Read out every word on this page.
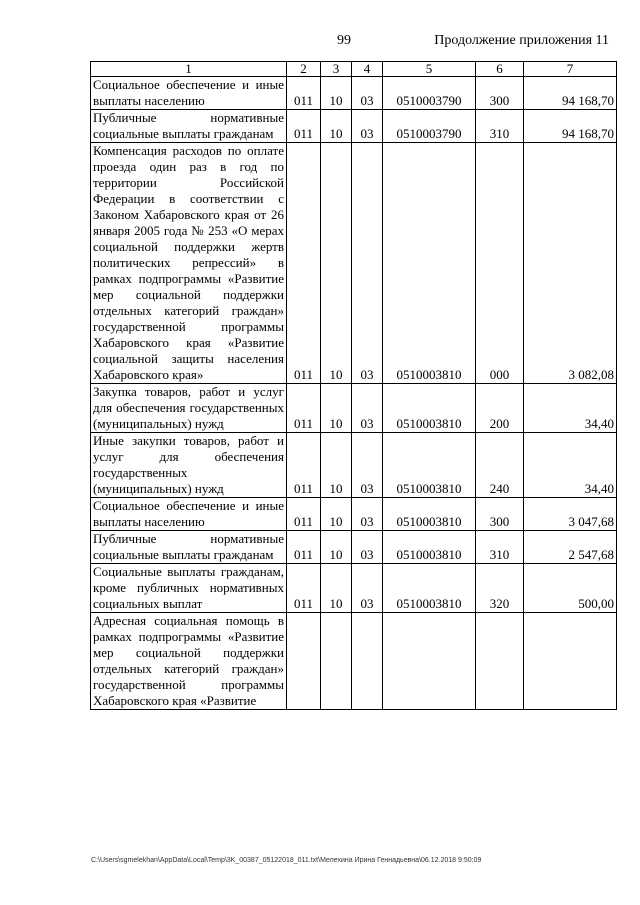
99	Продолжение приложения 11
1	2	3	4	5	6	7
Социальное обеспечение и иные выплаты населению	011	10	03	0510003790	300	94 168,70
Публичные нормативные социальные выплаты гражданам	011	10	03	0510003790	310	94 168,70
Компенсация расходов по оплате проезда один раз в год по территории Российской Федерации в соответствии с Законом Хабаровского края от 26 января 2005 года № 253 «О мерах социальной поддержки жертв политических репрессий» в рамках подпрограммы «Развитие мер социальной поддержки отдельных категорий граждан» государственной программы Хабаровского края «Развитие социальной защиты населения Хабаровского края»	011	10	03	0510003810	000	3 082,08
Закупка товаров, работ и услуг для обеспечения государственных (муниципальных) нужд	011	10	03	0510003810	200	34,40
Иные закупки товаров, работ и услуг для обеспечения государственных (муниципальных) нужд	011	10	03	0510003810	240	34,40
Социальное обеспечение и иные выплаты населению	011	10	03	0510003810	300	3 047,68
Публичные нормативные социальные выплаты гражданам	011	10	03	0510003810	310	2 547,68
Социальные выплаты гражданам, кроме публичных нормативных социальных выплат	011	10	03	0510003810	320	500,00
Адресная социальная помощь в рамках подпрограммы «Развитие мер социальной поддержки отдельных категорий граждан» государственной программы Хабаровского края «Развитие						
C:\Users\sgmelekhan\AppData\Local\Temp\3K_00387_05122018_011.txt\Мелехина Ирина Геннадьевна\06.12.2018 9:50:09
